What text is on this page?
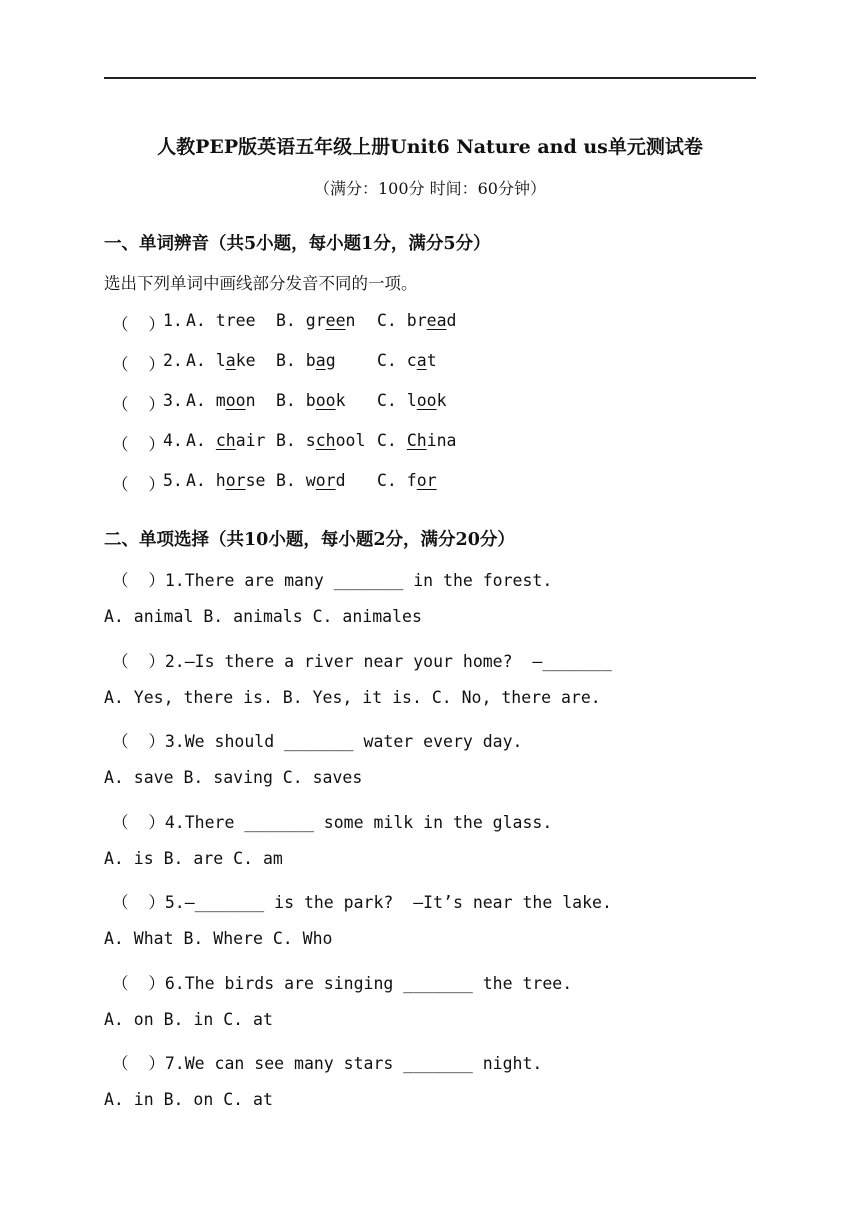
人教PEP版英语五年级上册Unit6 Nature and us单元测试卷
（满分：100分 时间：60分钟）
一、单词辨音（共5小题，每小题1分，满分5分）
选出下列单词中画线部分发音不同的一项。
（  ）
1. A. tree B. green C. bread
（  ）
2. A. lake B. bag	C. cat
（  ）
3. A. moon B. book C. look
（  ）
4. A. chair B. school C. China
（  ）
5. A. horse B. word C. for
二、单项选择（共10小题，每小题2分，满分20分）
（  ）1.There are many _______ in the forest.
A. animal B. animals C. animales
（  ）2.—Is there a river near your home?  —_______
A. Yes, there is. B. Yes, it is. C. No, there are.
（  ）3.We should _______ water every day.
A. save B. saving C. saves
（  ）4.There _______ some milk in the glass.
A. is B. are C. am
（  ）5.—_______ is the park?  —It’s near the lake.
A. What B. Where C. Who
（  ）6.The birds are singing _______ the tree.
A. on B. in C. at
（  ）7.We can see many stars _______ night.
A. in B. on C. at
